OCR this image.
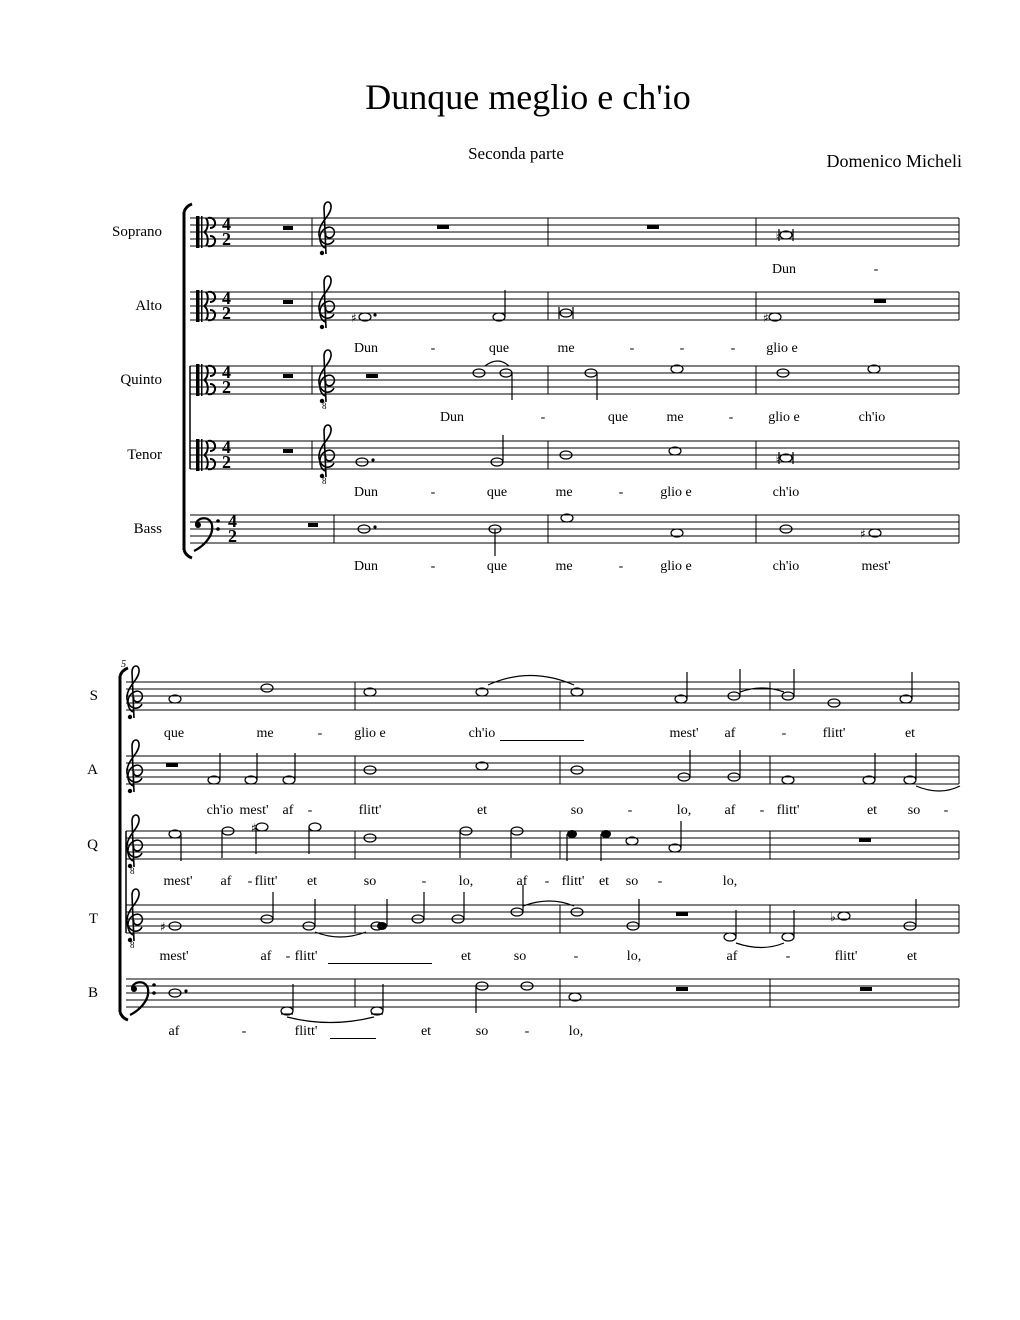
Dunque meglio e ch'io
Seconda parte	Domenico Micheli
Soprano
Alto
Quinto
Tenor
Bass
S
A
Q
T
B
5
4
2
4
2
4
2
4
2
4
2
8
8
♮
♯	♯
♮
♯
8
8
♯
♯
♭
Dun	-
Dun	-	que	me	-	-	- glio e
Dun	-	que	me	- glio e	ch'io
Dun	-	que	me	-	glio e	ch'io
Dun	-	que	me	-	glio e	ch'io	mest'
que	me	- glio e	ch'io	mest' af	-	flitt'	et
ch'io mest' af -	flitt'	et	so	-	lo, af - flitt'	et so -
mest' af - flitt' et	so	- lo,	af - flitt' et so -	lo,
mest'	af - flitt'	et	so	-	lo,	af	-	flitt'	et
af	-	flitt'	et	so	-	lo,
